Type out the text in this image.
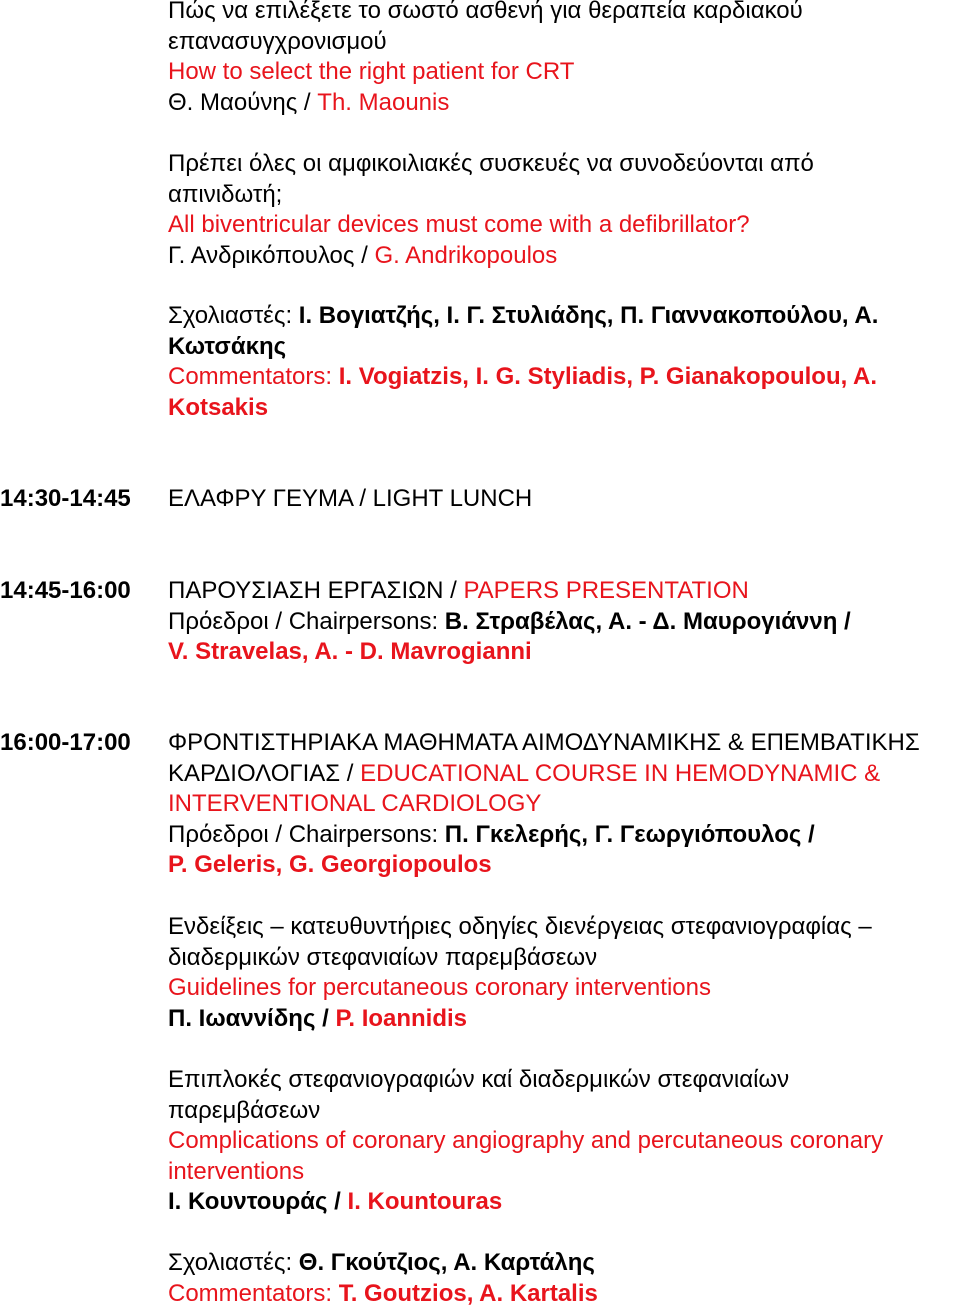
Πώς να επιλέξετε το σωστό ασθενή για θεραπεία καρδιακού επανασυγχρονισμού
How to select the right patient for CRT
Θ. Μαούνης / Th. Maounis
Πρέπει όλες οι αμφικοιλιακές συσκευές να συνοδεύονται από απινιδωτή;
All biventricular devices must come with a defibrillator?
Γ. Ανδρικόπουλος / G. Andrikopoulos
Σχολιαστές: Ι. Βογιατζής, Ι. Γ. Στυλιάδης, Π. Γιαννακοπούλου, Α. Κωτσάκης
Commentators: I. Vogiatzis, I. G. Styliadis, P. Gianakopoulou, A. Kotsakis
14:30-14:45 ΕΛΑΦΡΥ ΓΕΥΜΑ / LIGHT LUNCH
14:45-16:00 ΠΑΡΟΥΣΙΑΣΗ ΕΡΓΑΣΙΩΝ / PAPERS PRESENTATION
Πρόεδροι / Chairpersons: Β. Στραβέλας, Α. - Δ. Μαυρογιάννη /
V. Stravelas, A. - D. Mavrogianni
16:00-17:00 ΦΡΟΝΤΙΣΤΗΡΙΑΚΑ ΜΑΘΗΜΑΤΑ ΑΙΜΟΔΥΝΑΜΙΚΗΣ & ΕΠΕΜΒΑΤΙΚΗΣ ΚΑΡΔΙΟΛΟΓΙΑΣ / EDUCATIONAL COURSE IN HEMODYNAMIC & INTERVENTIONAL CARDIOLOGY
Πρόεδροι / Chairpersons: Π. Γκελερής, Γ. Γεωργιόπουλος /
P. Geleris, G. Georgiopoulos
Ενδείξεις – κατευθυντήριες οδηγίες διενέργειας στεφανιογραφίας – διαδερμικών στεφανιαίων παρεμβάσεων
Guidelines for percutaneous coronary interventions
Π. Ιωαννίδης / P. Ioannidis
Επιπλοκές στεφανιογραφιών καί διαδερμικών στεφανιαίων παρεμβάσεων
Complications of coronary angiography and percutaneous coronary interventions
Ι. Κουντουράς / I. Kountouras
Σχολιαστές: Θ. Γκούτζιος, Α. Καρτάλης
Commentators: T. Goutzios, A. Kartalis
